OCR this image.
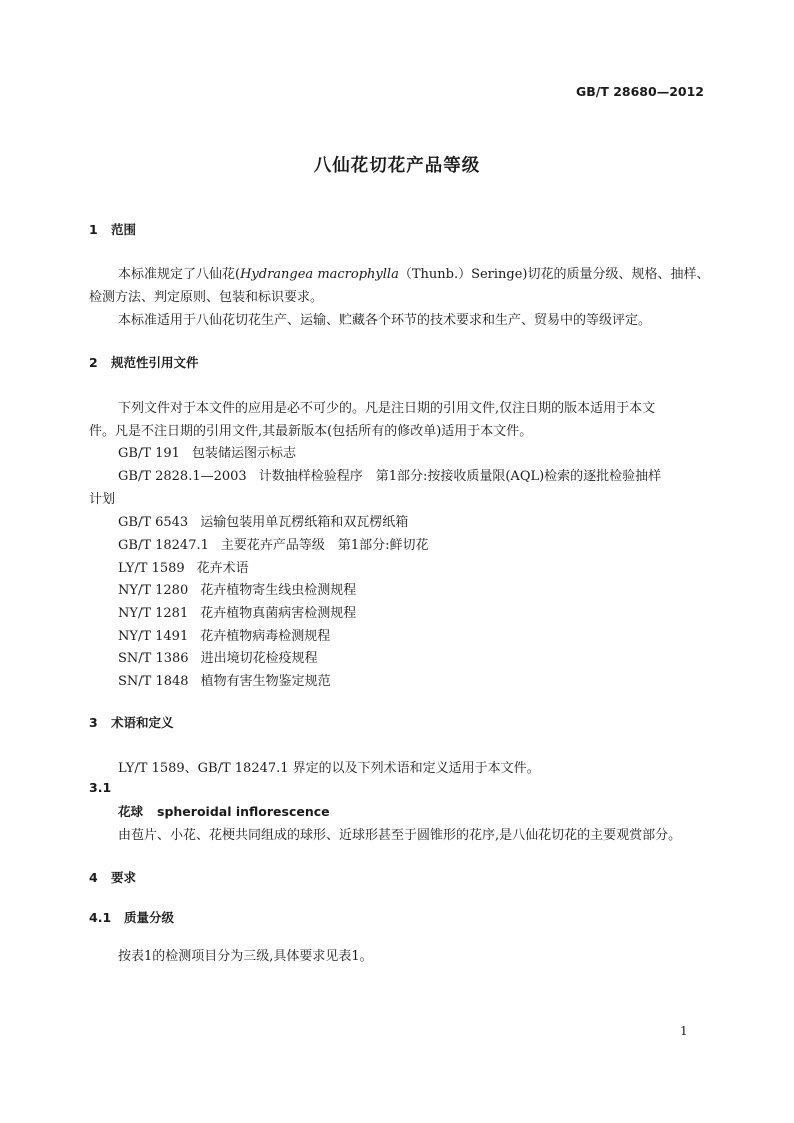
GB/T 28680—2012
八仙花切花产品等级
1 范围
本标准规定了八仙花(Hydrangea macrophylla（Thunb.）Seringe)切花的质量分级、规格、抽样、
检测方法、判定原则、包装和标识要求。
本标准适用于八仙花切花生产、运输、贮藏各个环节的技术要求和生产、贸易中的等级评定。
2 规范性引用文件
下列文件对于本文件的应用是必不可少的。凡是注日期的引用文件,仅注日期的版本适用于本文
件。凡是不注日期的引用文件,其最新版本(包括所有的修改单)适用于本文件。
GB/T 191 包装储运图示标志
GB/T 2828.1—2003 计数抽样检验程序　第1部分:按接收质量限(AQL)检索的逐批检验抽样
计划
GB/T 6543 运输包装用单瓦楞纸箱和双瓦楞纸箱
GB/T 18247.1 主要花卉产品等级　第1部分:鲜切花
LY/T 1589 花卉术语
NY/T 1280 花卉植物寄生线虫检测规程
NY/T 1281 花卉植物真菌病害检测规程
NY/T 1491 花卉植物病毒检测规程
SN/T 1386 进出境切花检疫规程
SN/T 1848 植物有害生物鉴定规范
3 术语和定义
LY/T 1589、GB/T 18247.1 界定的以及下列术语和定义适用于本文件。
3.1
花球 spheroidal inflorescence
由苞片、小花、花梗共同组成的球形、近球形甚至于圆锥形的花序,是八仙花切花的主要观赏部分。
4 要求
4.1 质量分级
按表1的检测项目分为三级,具体要求见表1。
1
